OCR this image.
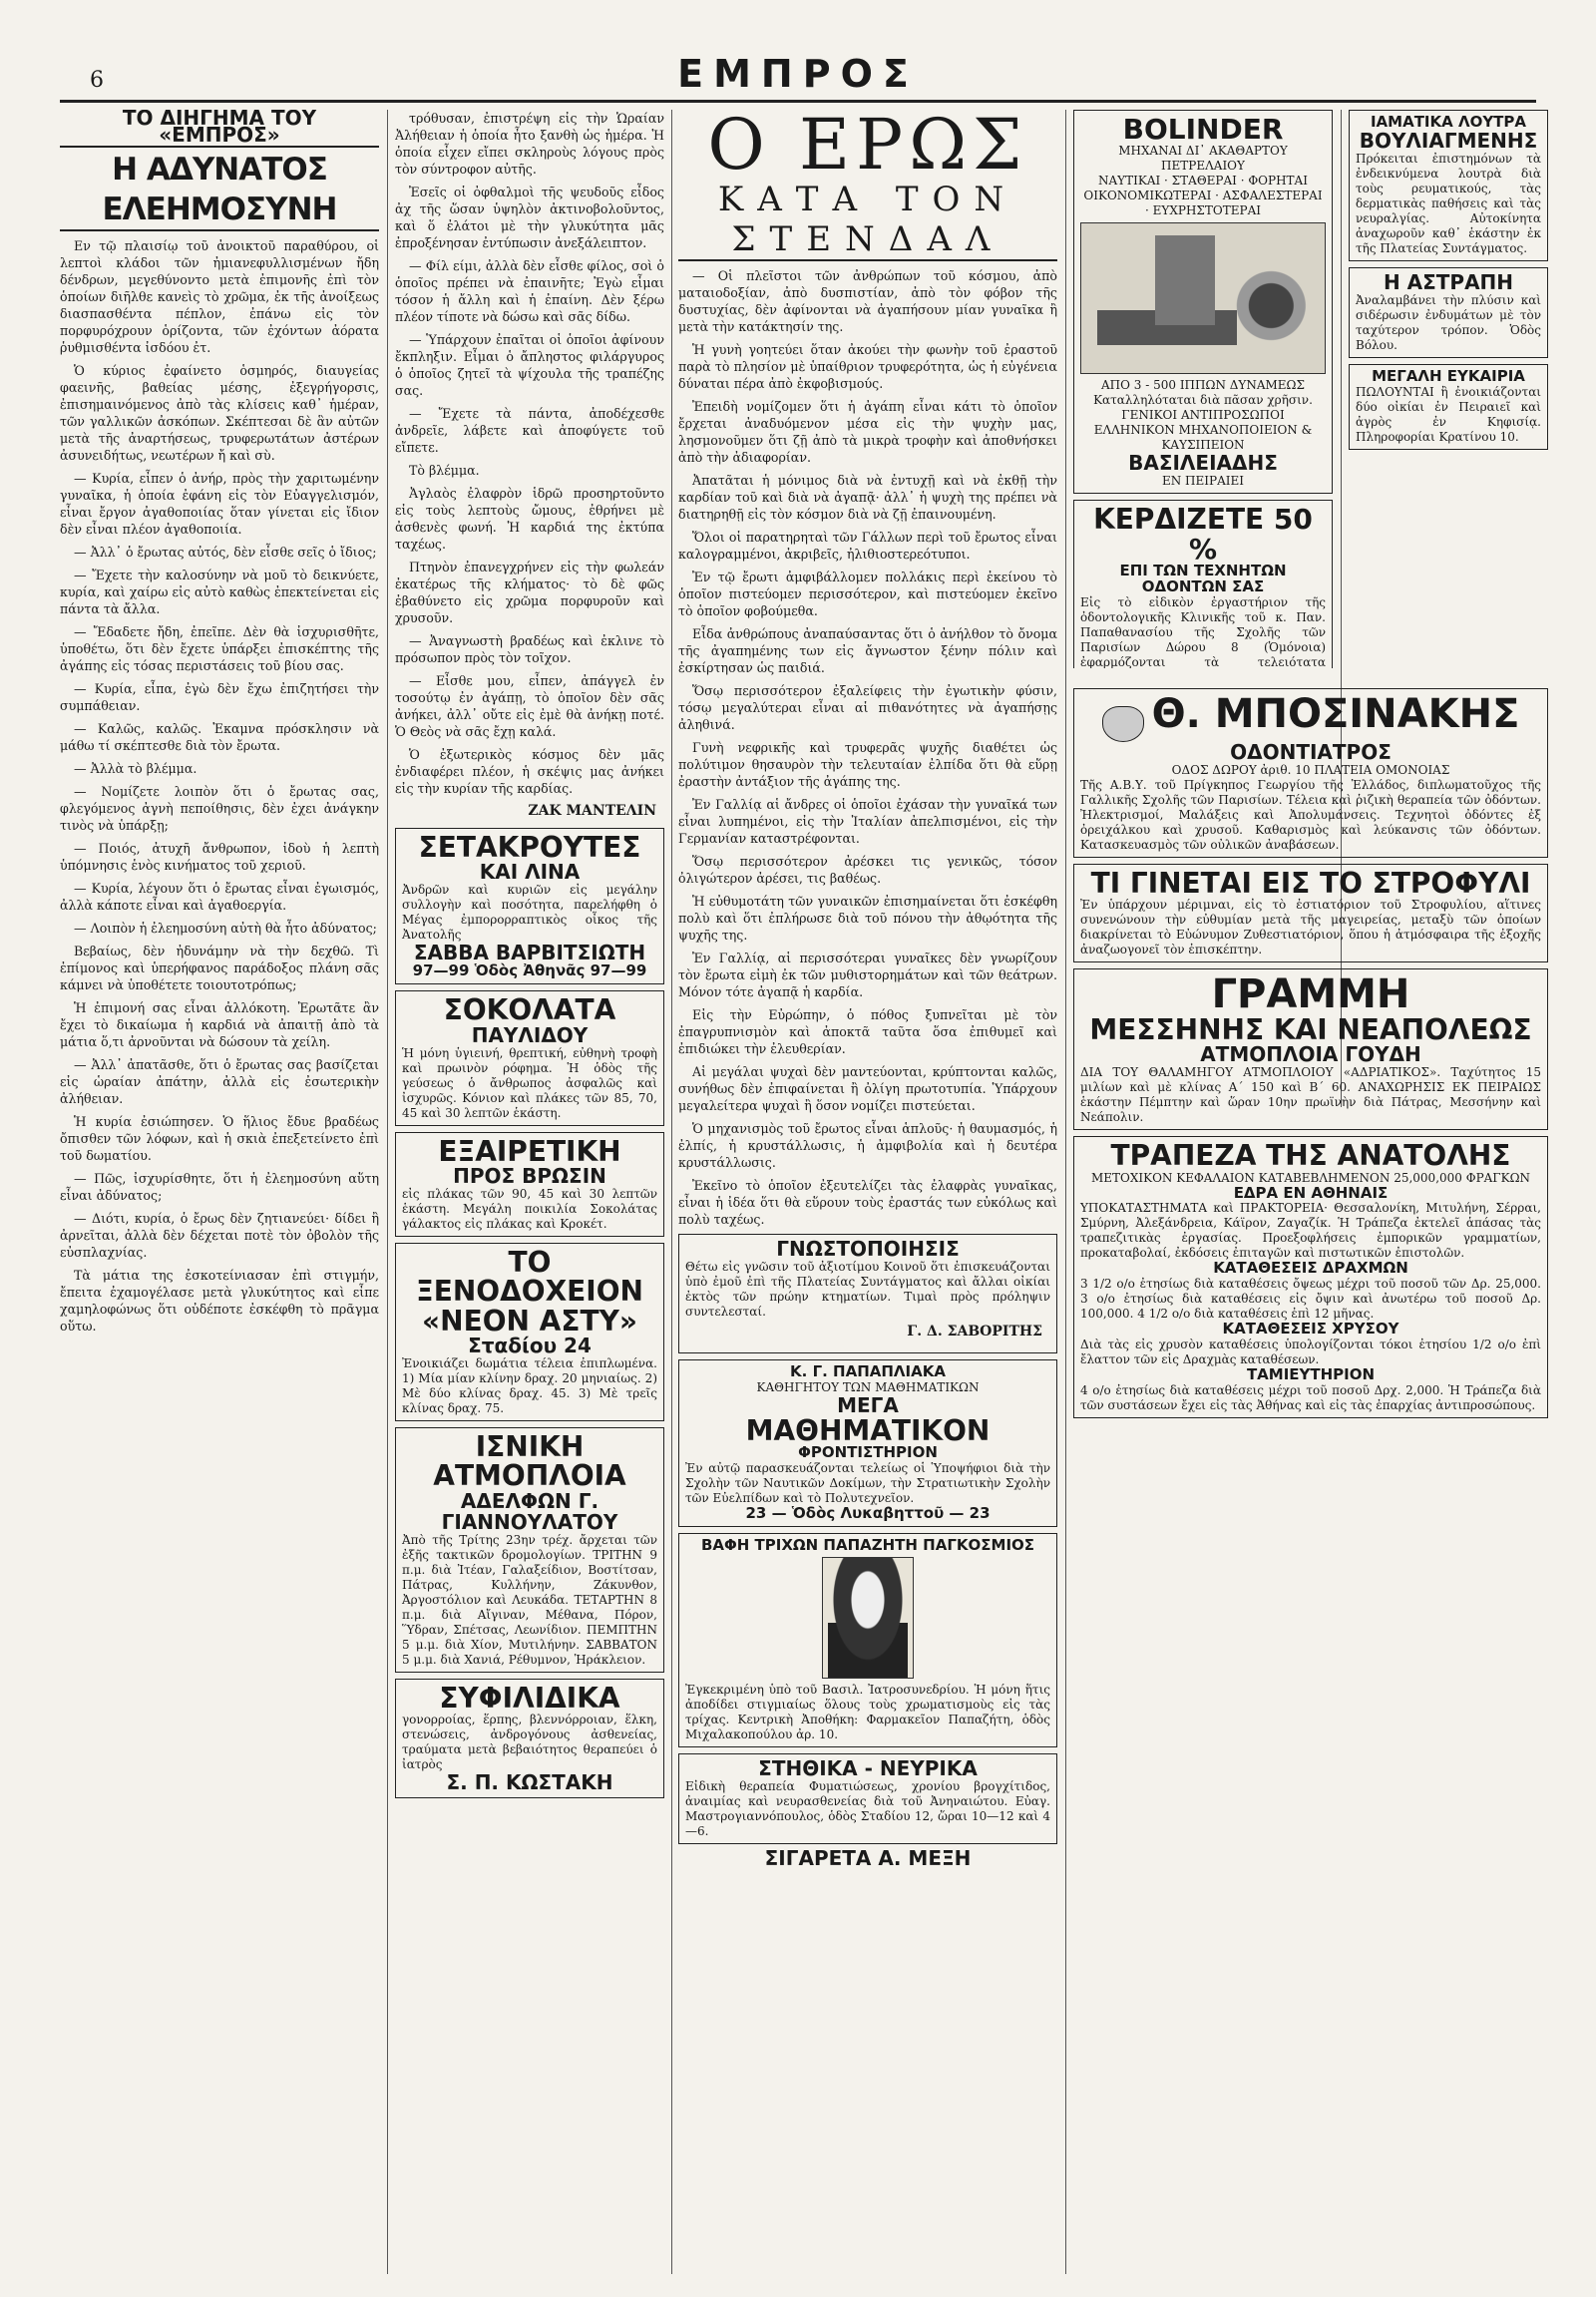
6	ΕΜΠΡΟΣ
ΤΟ ΔΙΗΓΗΜΑ ΤΟΥ «ΕΜΠΡΟΣ»
Η ΑΔΥΝΑΤΟΣ ΕΛΕΗΜΟΣΥΝΗ

Εν τῷ πλαισίῳ τοῦ ἀνοικτοῦ παραθύρου, οἱ λεπτοὶ κλάδοι τῶν ἠμιανεφυλλισμένων ἤδη δένδρων, μεγεθύνοντο μετὰ ἐπιμονῆς ἐπὶ τὸν ὁποίων διῆλθε κανεὶς τὸ χρῶμα, ἐκ τῆς ἀνοίξεως διασπασθέντα πέπλον, ἐπάνω εἰς τὸν πορφυρόχρουν ὁρίζοντα, τῶν ἐχόντων ἀόρατα ῥυθμισθέντα ἰσδόου ἐτ.

Ὁ κύριος ἐφαίνετο ὁσμηρός, διαυγείας φαεινῆς, βαθείας μέσης, ἐξεγρήγορσις, ἐπισημαινόμενος ἀπὸ τὰς κλίσεις καθ᾽ ἡμέραν, τῶν γαλλικῶν ἀσκόπων. Σκέπτεσαι δὲ ἃν αὐτῶν μετὰ τῆς ἀναρτήσεως, τρυφερωτάτων ἀστέρων ἀσυνειδήτως, νεωτέρων ἤ καὶ σὺ.

— Κυρία, εἶπεν ὁ ἀνήρ, πρὸς τὴν χαριτωμένην γυναῖκα, ἡ ὁποία ἐφάνη εἰς τὸν Εὐαγγελισμόν, εἶναι ἔργον ἀγαθοποιίας ὅταν γίνεται εἰς ἴδιον δὲν εἶναι πλέον ἀγαθοποιία.

— Ἀλλ᾽ ὁ ἔρωτας αὐτός, δὲν εἶσθε σεῖς ὁ ἴδιος;

— Ἔχετε τὴν καλοσύνην νὰ μοῦ τὸ δεικνύετε, κυρία, καὶ χαίρω εἰς αὐτὸ καθὼς ἐπεκτείνεται εἰς πάντα τὰ ἄλλα.

— Ἔδαδετε ἤδη, ἐπεῖπε. Δὲν θὰ ἰσχυρισθῆτε, ὑποθέτω, ὅτι δὲν ἔχετε ὑπάρξει ἐπισκέπτης τῆς ἀγάπης εἰς τόσας περιστάσεις τοῦ βίου σας.

— Κυρία, εἶπα, ἐγὼ δὲν ἔχω ἐπιζητήσει τὴν συμπάθειαν.

— Καλῶς, καλῶς. Ἐκαμνα πρόσκλησιν νὰ μάθω τί σκέπτεσθε διὰ τὸν ἔρωτα.

— Ἀλλὰ τὸ βλέμμα.

— Νομίζετε λοιπὸν ὅτι ὁ ἔρωτας σας, φλεγόμενος ἀγνὴ πεποίθησις, δὲν ἐχει ἀνάγκην τινὸς νὰ ὑπάρξῃ;

— Ποιός, ἀτυχῆ ἄνθρωπον, ἰδοὺ ἡ λεπτὴ ὑπόμνησις ἑνὸς κινήματος τοῦ χεριοῦ.

— Κυρία, λέγουν ὅτι ὁ ἔρωτας εἶναι ἐγωισμός, ἀλλὰ κάποτε εἶναι καὶ ἀγαθοεργία.

— Λοιπὸν ἡ ἐλεημοσύνη αὐτὴ θὰ ἦτο ἀδύνατος;

Βεβαίως, δὲν ἠδυνάμην νὰ τὴν δεχθῶ. Τὶ ἐπίμονος καὶ ὑπερήφανος παράδοξος πλάνη σᾶς κάμνει νὰ ὑποθέτετε τοιουτοτρόπως;

Ἡ ἐπιμονή σας εἶναι ἀλλόκοτη. Ἐρωτᾶτε ἂν ἔχει τὸ δικαίωμα ἡ καρδιά νὰ ἀπαιτῇ ἀπὸ τὰ μάτια ὅ,τι ἀρνοῦνται νὰ δώσουν τὰ χείλη.

— Ἀλλ᾽ ἀπατᾶσθε, ὅτι ὁ ἔρωτας σας βασίζεται εἰς ὡραίαν ἀπάτην, ἀλλὰ εἰς ἐσωτερικὴν ἀλήθειαν.

Ἡ κυρία ἐσιώπησεν. Ὁ ἥλιος ἔδυε βραδέως ὄπισθεν τῶν λόφων, καὶ ἡ σκιὰ ἐπεξετείνετο ἐπὶ τοῦ δωματίου.

— Πῶς, ἰσχυρίσθητε, ὅτι ἡ ἐλεημοσύνη αὕτη εἶναι ἀδύνατος;

— Διότι, κυρία, ὁ ἔρως δὲν ζητιανεύει· δίδει ἢ ἀρνεῖται, ἀλλὰ δὲν δέχεται ποτὲ τὸν ὀβολὸν τῆς εὐσπλαχνίας.

Τὰ μάτια της ἐσκοτείνιασαν ἐπὶ στιγμήν, ἔπειτα ἐχαμογέλασε μετὰ γλυκύτητος καὶ εἶπε χαμηλοφώνως ὅτι οὐδέποτε ἐσκέφθη τὸ πρᾶγμα οὕτω.

τρόθυσαν, ἐπιστρέψη εἰς τὴν Ὡραίαν Ἀλήθειαν ἡ ὁποία ἦτο ξανθὴ ὡς ἡμέρα. Ἡ ὁποία εἶχεν εἴπει σκληροὺς λόγους πρὸς τὸν σύντροφον αὐτῆς.

Ἐσεῖς οἱ ὀφθαλμοὶ τῆς ψευδοῦς εἶδος ἀχ τῆς ὥσαν ὑψηλὸν ἀκτινοβολοῦντος, καὶ ὅ ἐλάτοι μὲ τὴν γλυκύτητα μᾶς ἐπροξένησαν ἐντύπωσιν ἀνεξάλειπτον.

— Φίλ είμι, ἀλλὰ δὲν εἶσθε φίλος, σοὶ ὁ ὁποῖος πρέπει νὰ ἐπαινῆτε; Ἐγὼ εἶμαι τόσον ἡ ἄλλη καὶ ἡ ἐπαίνη. Δὲν ξέρω πλέον τίποτε νὰ δώσω καὶ σᾶς δίδω.

— Ὑπάρχουν ἐπαῖται οἱ ὁποῖοι ἀφίνουν ἔκπληξιν. Εἶμαι ὁ ἄπληστος φιλάργυρος ὁ ὁποῖος ζητεῖ τὰ ψίχουλα τῆς τραπέζης σας.

— Ἔχετε τὰ πάντα, ἀποδέχεσθε ἀνδρεῖε, λάβετε καὶ ἀποφύγετε τοῦ εἴπετε.

Τὸ βλέμμα.

Ἀγλαὸς ἐλαφρὸν ἱδρῶ προσηρτοῦντο εἰς τοὺς λεπτοὺς ὤμους, ἐθρήνει μὲ ἀσθενὲς φωνή. Ἡ καρδιά της ἐκτύπα ταχέως.

Πτηνὸν ἐπανεγχρήνεν εἰς τὴν φωλεάν ἐκατέρως τῆς κλήματος· τὸ δὲ φῶς ἐβαθύνετο εἰς χρῶμα πορφυροῦν καὶ χρυσοῦν.

— Ἀναγνωστὴ βραδέως καὶ ἐκλινε τὸ πρόσωπον πρὸς τὸν τοῖχον.

— Εἶσθε μου, εἶπεν, ἀπάγγελ ἐν τοσούτῳ ἐν ἀγάπῃ, τὸ ὁποῖον δὲν σᾶς ἀνήκει, ἀλλ᾽ οὔτε εἰς ἐμὲ θὰ ἀνήκῃ ποτέ. Ὁ Θεὸς νὰ σᾶς ἔχῃ καλά.

Ὁ ἐξωτερικὸς κόσμος δὲν μᾶς ἐνδιαφέρει πλέον, ἡ σκέψις μας ἀνήκει εἰς τὴν κυρίαν τῆς καρδίας.

ΖΑΚ ΜΑΝΤΕΛΙΝ
ΣΕΤΑΚΡΟΥΤΕΣ
ΚΑΙ ΛΙΝΑ
Ἀνδρῶν καὶ κυριῶν εἰς μεγάλην συλλογὴν καὶ ποσότητα, παρελήφθη ὁ Μέγας ἐμπορορραπτικὸς οἶκος τῆς Ἀνατολῆς
ΣΑΒΒΑ ΒΑΡΒΙΤΣΙΩΤΗ
97—99 Ὁδὸς Ἀθηνᾶς 97—99
ΣΟΚΟΛΑΤΑ
ΠΑΥΛΙΔΟΥ
Ἡ μόνη ὑγιεινή, θρεπτική, εὐθηνὴ τροφὴ καὶ πρωινὸν ρόφημα. Ἡ ὁδὸς τῆς γεύσεως ὁ ἄνθρωπος ἀσφαλῶς καὶ ἰσχυρῶς. Κόνιον καὶ πλάκες τῶν 85, 70, 45 καὶ 30 λεπτῶν ἑκάστη.
ΕΞΑΙΡΕΤΙΚΗ
ΠΡΟΣ ΒΡΩΣΙΝ
εἰς πλάκας τῶν 90, 45 καὶ 30 λεπτῶν ἑκάστη. Μεγάλη ποικιλία Σοκολάτας γάλακτος εἰς πλάκας καὶ Κροκέτ.
ΤΟ ΞΕΝΟΔΟΧΕΙΟΝ «ΝΕΟΝ ΑΣΤΥ»
Σταδίου 24
Ἐνοικιάζει δωμάτια τέλεια ἐπιπλωμένα. 1) Μία μίαν κλίνην δραχ. 20 μηνιαίως. 2) Μὲ δύο κλίνας δραχ. 45. 3) Μὲ τρεῖς κλίνας δραχ. 75.
ΙΣΝΙΚΗ ΑΤΜΟΠΛΟΙΑ
ΑΔΕΛΦΩΝ Γ. ΓΙΑΝΝΟΥΛΑΤΟΥ
Ἀπὸ τῆς Τρίτης 23ην τρέχ. ἄρχεται τῶν ἐξῆς τακτικῶν δρομολογίων. ΤΡΙΤΗΝ 9 π.μ. διὰ Ἰτέαν, Γαλαξείδιον, Βοστίτσαν, Πάτρας, Κυλλήνην, Ζάκυνθον, Ἀργοστόλιον καὶ Λευκάδα. ΤΕΤΑΡΤΗΝ 8 π.μ. διὰ Αἴγιναν, Μέθανα, Πόρον, Ὕδραν, Σπέτσας, Λεωνίδιον. ΠΕΜΠΤΗΝ 5 μ.μ. διὰ Χίον, Μυτιλήνην. ΣΑΒΒΑΤΟΝ 5 μ.μ. διὰ Χανιά, Ρέθυμνον, Ἡράκλειον.
ΣΥΦΙΛΙΔΙΚΑ
γονορροίας, ἕρπης, βλεννόρροιαν, ἕλκη, στενώσεις, ἀνδρογόνους ἀσθενείας, τραύματα μετὰ βεβαιότητος θεραπεύει ὁ ἰατρὸς
Σ. Π. ΚΩΣΤΑΚΗ
Ο ΕΡΩΣ
ΚΑΤΑ ΤΟΝ ΣΤΕΝΔΑΛ

— Οἱ πλεῖστοι τῶν ἀνθρώπων τοῦ κόσμου, ἀπὸ ματαιοδοξίαν, ἀπὸ δυσπιστίαν, ἀπὸ τὸν φόβον τῆς δυστυχίας, δὲν ἀφίνονται νὰ ἀγαπήσουν μίαν γυναῖκα ἢ μετὰ τὴν κατάκτησίν της.

Ἡ γυνὴ γοητεύει ὅταν ἀκούει τὴν φωνὴν τοῦ ἐραστοῦ παρὰ τὸ πλησίον μὲ ὑπαίθριον τρυφερότητα, ὡς ἡ εὐγένεια δύναται πέρα ἀπὸ ἐκφοβισμούς.

Ἐπειδὴ νομίζομεν ὅτι ἡ ἀγάπη εἶναι κάτι τὸ ὁποῖον ἔρχεται ἀναδυόμενον μέσα εἰς τὴν ψυχὴν μας, λησμονοῦμεν ὅτι ζῇ ἀπὸ τὰ μικρὰ τροφὴν καὶ ἀποθνήσκει ἀπὸ τὴν ἀδιαφορίαν.

Ἀπατᾶται ἡ μόνιμος διὰ νὰ ἐντυχῇ καὶ νὰ ἐκθῇ τὴν καρδίαν τοῦ καὶ διὰ νὰ ἀγαπᾷ· ἀλλ᾽ ἡ ψυχὴ της πρέπει νὰ διατηρηθῇ εἰς τὸν κόσμον διὰ νὰ ζῇ ἐπαινουμένη.

Ὅλοι οἱ παρατηρηταὶ τῶν Γάλλων περὶ τοῦ ἔρωτος εἶναι καλογραμμένοι, ἀκριβεῖς, ἠλιθιοστερεότυποι.

Ἐν τῷ ἔρωτι ἀμφιβάλλομεν πολλάκις περὶ ἐκείνου τὸ ὁποῖον πιστεύομεν περισσότερον, καὶ πιστεύομεν ἐκεῖνο τὸ ὁποῖον φοβούμεθα.

Εἶδα ἀνθρώπους ἀναπαύσαντας ὅτι ὁ ἀνήλθον τὸ ὄνομα τῆς ἀγαπημένης των εἰς ἄγνωστον ξένην πόλιν καὶ ἐσκίρτησαν ὡς παιδιά.

Ὅσῳ περισσότερον ἐξαλείφεις τὴν ἐγωτικὴν φύσιν, τόσῳ μεγαλύτεραι εἶναι αἱ πιθανότητες νὰ ἀγαπήσῃς ἀληθινά.

Γυνὴ νεφρικῆς καὶ τρυφερᾶς ψυχῆς διαθέτει ὡς πολύτιμον θησαυρὸν τὴν τελευταίαν ἐλπίδα ὅτι θὰ εὕρῃ ἐραστὴν ἀντάξιον τῆς ἀγάπης της.

Ἐν Γαλλίᾳ αἱ ἄνδρες οἱ ὁποῖοι ἐχάσαν τὴν γυναῖκά των εἶναι λυπημένοι, εἰς τὴν Ἰταλίαν ἀπελπισμένοι, εἰς τὴν Γερμανίαν καταστρέφονται.

Ὅσῳ περισσότερον ἀρέσκει τις γενικῶς, τόσον ὀλιγώτερον ἀρέσει, τις βαθέως.

Ἡ εὐθυμοτάτη τῶν γυναικῶν ἐπισημαίνεται ὅτι ἐσκέφθη πολὺ καὶ ὅτι ἐπλήρωσε διὰ τοῦ πόνου τὴν ἀθῳότητα τῆς ψυχῆς της.

Ἐν Γαλλίᾳ, αἱ περισσότεραι γυναῖκες δὲν γνωρίζουν τὸν ἔρωτα εἰμὴ ἐκ τῶν μυθιστορημάτων καὶ τῶν θεάτρων. Μόνον τότε ἀγαπᾷ ἡ καρδία.

Εἰς τὴν Εὐρώπην, ὁ πόθος ξυπνεῖται μὲ τὸν ἐπαγρυπνισμὸν καὶ ἀποκτᾶ ταῦτα ὅσα ἐπιθυμεῖ καὶ ἐπιδιώκει τὴν ἐλευθερίαν.

Αἱ μεγάλαι ψυχαὶ δὲν μαντεύονται, κρύπτονται καλῶς, συνήθως δὲν ἐπιφαίνεται ἢ ὀλίγη πρωτοτυπία. Ὑπάρχουν μεγαλείτερα ψυχαὶ ἢ ὅσον νομίζει πιστεύεται.

Ὁ μηχανισμὸς τοῦ ἔρωτος εἶναι ἁπλοῦς· ἡ θαυμασμός, ἡ ἐλπίς, ἡ κρυστάλλωσις, ἡ ἀμφιβολία καὶ ἡ δευτέρα κρυστάλλωσις.

Ἐκεῖνο τὸ ὁποῖον ἐξευτελίζει τὰς ἐλαφρὰς γυναῖκας, εἶναι ἡ ἰδέα ὅτι θὰ εὕρουν τοὺς ἐραστάς των εὐκόλως καὶ πολὺ ταχέως.

ΓΝΩΣΤΟΠΟΙΗΣΙΣ
Θέτω εἰς γνῶσιν τοῦ ἀξιοτίμου Κοινοῦ ὅτι ἐπισκευάζονται ὑπὸ ἐμοῦ ἐπὶ τῆς Πλατείας Συντάγματος καὶ ἄλλαι οἰκίαι ἐκτὸς τῶν πρώην κτηματίων. Τιμαὶ πρὸς πρόληψιν συντελεσταί.
Γ. Δ. ΣΑΒΟΡΙΤΗΣ
Κ. Γ. ΠΑΠΑΠΛΙΑΚΑ
ΚΑΘΗΓΗΤΟΥ ΤΩΝ ΜΑΘΗΜΑΤΙΚΩΝ
ΜΕΓΑ
ΜΑΘΗΜΑΤΙΚΟΝ
ΦΡΟΝΤΙΣΤΗΡΙΟΝ
Ἐν αὐτῷ παρασκευάζονται τελείως οἱ Ὑποψήφιοι διὰ τὴν Σχολὴν τῶν Ναυτικῶν Δοκίμων, τὴν Στρατιωτικὴν Σχολὴν τῶν Εὐελπίδων καὶ τὸ Πολυτεχνεῖον.
23 — Ὁδὸς Λυκαβηττοῦ — 23
ΒΑΦΗ ΤΡΙΧΩΝ ΠΑΠΑΖΗΤΗ ΠΑΓΚΟΣΜΙΟΣ
Ἐγκεκριμένη ὑπὸ τοῦ Βασιλ. Ἰατροσυνεδρίου. Ἡ μόνη ἥτις ἀποδίδει στιγμιαίως ὅλους τοὺς χρωματισμοὺς εἰς τὰς τρίχας. Κεντρικὴ Ἀποθήκη: Φαρμακεῖον Παπαζήτη, ὁδὸς Μιχαλακοπούλου ἀρ. 10.
ΣΤΗΘΙΚΑ - ΝΕΥΡΙΚΑ
Εἰδικὴ θεραπεία Φυματιώσεως, χρονίου βρογχίτιδος, ἀναιμίας καὶ νευρασθενείας διὰ τοῦ Ἀνηναιώτου. Εὐαγ. Μαστρογιαννόπουλος, ὁδὸς Σταδίου 12, ὥραι 10—12 καὶ 4—6.
ΣΙΓΑΡΕΤΑ Α. ΜΕΞΗ
BOLINDER
ΜΗΧΑΝΑΙ ΔΙ᾽ ΑΚΑΘΑΡΤΟΥ ΠΕΤΡΕΛΑΙΟΥ
ΝΑΥΤΙΚΑΙ · ΣΤΑΘΕΡΑΙ · ΦΟΡΗΤΑΙ
ΟΙΚΟΝΟΜΙΚΩΤΕΡΑΙ · ΑΣΦΑΛΕΣΤΕΡΑΙ · ΕΥΧΡΗΣΤΟΤΕΡΑΙ
ΑΠΟ 3 - 500 ΙΠΠΩΝ ΔΥΝΑΜΕΩΣ
Καταλληλόταται διὰ πᾶσαν χρῆσιν. ΓΕΝΙΚΟΙ ΑΝΤΙΠΡΟΣΩΠΟΙ ΕΛΛΗΝΙΚΟΝ ΜΗΧΑΝΟΠΟΙΕΙΟΝ & ΚΑΥΣΙΠΕΙΟΝ
ΒΑΣΙΛΕΙΑΔΗΣ
ΕΝ ΠΕΙΡΑΙΕΙ
ΚΕΡΔΙΖΕΤΕ 50 %
ΕΠΙ ΤΩΝ ΤΕΧΝΗΤΩΝ ΟΔΟΝΤΩΝ ΣΑΣ
Εἰς τὸ εἰδικὸν ἐργαστήριον τῆς ὀδοντολογικῆς Κλινικῆς τοῦ κ. Παν. Παπαθανασίου τῆς Σχολῆς τῶν Παρισίων Δώρου 8 (Ὁμόνοια) ἐφαρμόζονται τὰ τελειότατα
ΙΑΜΑΤΙΚΑ ΛΟΥΤΡΑ
ΒΟΥΛΙΑΓΜΕΝΗΣ
Πρόκειται ἐπιστημόνων τὰ ἐνδεικνύμενα λουτρὰ διὰ τοὺς ρευματικούς, τὰς δερματικὰς παθήσεις καὶ τὰς νευραλγίας. Αὐτοκίνητα ἀναχωροῦν καθ᾽ ἑκάστην ἐκ τῆς Πλατείας Συντάγματος.
Η ΑΣΤΡΑΠΗ
Ἀναλαμβάνει τὴν πλύσιν καὶ σιδέρωσιν ἐνδυμάτων μὲ τὸν ταχύτερον τρόπον. Ὁδὸς Βόλου.
ΜΕΓΑΛΗ ΕΥΚΑΙΡΙΑ
ΠΩΛΟΥΝΤΑΙ ἢ ἐνοικιάζονται δύο οἰκίαι ἐν Πειραιεῖ καὶ ἀγρὸς ἐν Κηφισίᾳ. Πληροφορίαι Κρατίνου 10.
Θ. ΜΠΟΣΙΝΑΚΗΣ
ΟΔΟΝΤΙΑΤΡΟΣ
ΟΔΟΣ ΔΩΡΟΥ ἀριθ. 10 ΠΛΑΤΕΙΑ ΟΜΟΝΟΙΑΣ
Τῆς Α.Β.Υ. τοῦ Πρίγκηπος Γεωργίου τῆς Ἑλλάδος, διπλωματοῦχος τῆς Γαλλικῆς Σχολῆς τῶν Παρισίων. Τέλεια καὶ ῥιζικὴ θεραπεία τῶν ὀδόντων. Ἠλεκτρισμοί, Μαλάξεις καὶ Ἀπολυμάνσεις. Τεχνητοὶ ὀδόντες ἐξ ὀρειχάλκου καὶ χρυσοῦ. Καθαρισμὸς καὶ λεύκανσις τῶν ὀδόντων. Κατασκευασμὸς τῶν οὐλικῶν ἀναβάσεων.
ΤΙ ΓΙΝΕΤΑΙ ΕΙΣ ΤΟ ΣΤΡΟΦΥΛΙ
Ἐν ὑπάρχουν μέριμναι, εἰς τὸ ἐστιατόριον τοῦ Στροφυλίου, αἵτινες συνενώνουν τὴν εὐθυμίαν μετὰ τῆς μαγειρείας, μεταξὺ τῶν ὁποίων διακρίνεται τὸ Εὐώνυμον Ζυθεστιατόριον, ὅπου ἡ ἀτμόσφαιρα τῆς ἐξοχῆς ἀναζωογονεῖ τὸν ἐπισκέπτην.
ΓΡΑΜΜΗ
ΜΕΣΣΗΝΗΣ ΚΑΙ ΝΕΑΠΟΛΕΩΣ
ΑΤΜΟΠΛΟΙΑ ΓΟΥΔΗ
ΔΙΑ ΤΟΥ ΘΑΛΑΜΗΓΟΥ ΑΤΜΟΠΛΟΙΟΥ «ΑΔΡΙΑΤΙΚΟΣ». Ταχύτητος 15 μιλίων καὶ μὲ κλίνας Α΄ 150 καὶ Β΄ 60. ΑΝΑΧΩΡΗΣΙΣ ΕΚ ΠΕΙΡΑΙΩΣ ἑκάστην Πέμπτην καὶ ὥραν 10ην πρωϊνὴν διὰ Πάτρας, Μεσσήνην καὶ Νεάπολιν.
ΤΡΑΠΕΖΑ ΤΗΣ ΑΝΑΤΟΛΗΣ
ΜΕΤΟΧΙΚΟΝ ΚΕΦΑΛΑΙΟΝ ΚΑΤΑΒΕΒΛΗΜΕΝΟΝ 25,000,000 ΦΡΑΓΚΩΝ
ΕΔΡΑ ΕΝ ΑΘΗΝΑΙΣ
ΥΠΟΚΑΤΑΣΤΗΜΑΤΑ καὶ ΠΡΑΚΤΟΡΕΙΑ· Θεσσαλονίκη, Μιτυλήνη, Σέρραι, Σμύρνη, Ἀλεξάνδρεια, Κάϊρον, Ζαγαζίκ. Ἡ Τράπεζα ἐκτελεῖ ἁπάσας τὰς τραπεζιτικὰς ἐργασίας. Προεξοφλήσεις ἐμπορικῶν γραμματίων, προκαταβολαί, ἐκδόσεις ἐπιταγῶν καὶ πιστωτικῶν ἐπιστολῶν.
ΚΑΤΑΘΕΣΕΙΣ ΔΡΑΧΜΩΝ
3 1/2 ο/ο ἐτησίως διὰ καταθέσεις ὄψεως μέχρι τοῦ ποσοῦ τῶν Δρ. 25,000. 3 ο/ο ἐτησίως διὰ καταθέσεις εἰς ὄψιν καὶ ἀνωτέρω τοῦ ποσοῦ Δρ. 100,000. 4 1/2 ο/ο διὰ καταθέσεις ἐπὶ 12 μῆνας.
ΚΑΤΑΘΕΣΕΙΣ ΧΡΥΣΟΥ
Διὰ τὰς εἰς χρυσὸν καταθέσεις ὑπολογίζονται τόκοι ἐτησίου 1/2 ο/ο ἐπὶ ἔλαττον τῶν εἰς Δραχμὰς καταθέσεων.
ΤΑΜΙΕΥΤΗΡΙΟΝ
4 ο/ο ἐτησίως διὰ καταθέσεις μέχρι τοῦ ποσοῦ Δρχ. 2,000. Ἡ Τράπεζα διὰ τῶν συστάσεων ἔχει εἰς τὰς Ἀθήνας καὶ εἰς τὰς ἐπαρχίας ἀντιπροσώπους.
